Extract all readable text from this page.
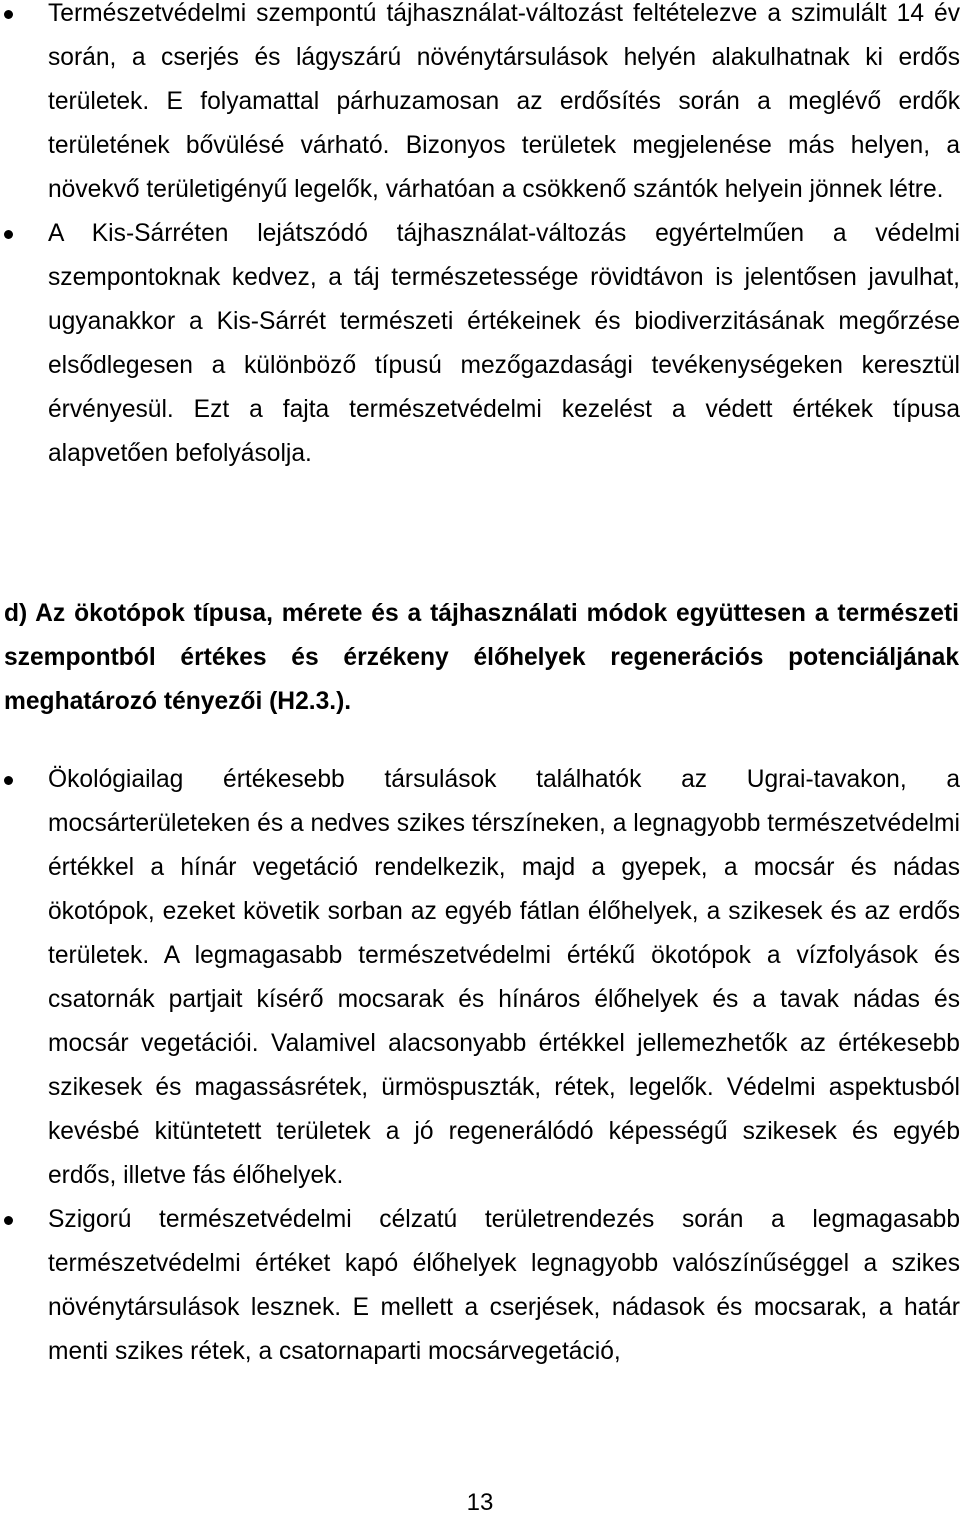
Természetvédelmi szempontú tájhasználat-változást feltételezve a szimulált 14 év során, a cserjés és lágyszárú növénytársulások helyén alakulhatnak ki erdős területek. E folyamattal párhuzamosan az erdősítés során a meglévő erdők területének bővülésé várható. Bizonyos területek megjelenése más helyen, a növekvő területigényű legelők, várhatóan a csökkenő szántók helyein jönnek létre.
A Kis-Sárréten lejátszódó tájhasználat-változás egyértelműen a védelmi szempontoknak kedvez, a táj természetessége rövidtávon is jelentősen javulhat, ugyanakkor a Kis-Sárrét természeti értékeinek és biodiverzitásának megőrzése elsődlegesen a különböző típusú mezőgazdasági tevékenységeken keresztül érvényesül. Ezt a fajta természetvédelmi kezelést a védett értékek típusa alapvetően befolyásolja.

d) Az ökotópok típusa, mérete és a tájhasználati módok együttesen a természeti szempontból értékes és érzékeny élőhelyek regenerációs potenciáljának meghatározó tényezői (H2.3.).

Ökológiailag értékesebb társulások találhatók az Ugrai-tavakon, a mocsárterületeken és a nedves szikes térszíneken, a legnagyobb természetvédelmi értékkel a hínár vegetáció rendelkezik, majd a gyepek, a mocsár és nádas ökotópok, ezeket követik sorban az egyéb fátlan élőhelyek, a szikesek és az erdős területek. A legmagasabb természetvédelmi értékű ökotópok a vízfolyások és csatornák partjait kísérő mocsarak és hínáros élőhelyek és a tavak nádas és mocsár vegetációi. Valamivel alacsonyabb értékkel jellemezhetők az értékesebb szikesek és magassásrétek, ürmöspuszták, rétek, legelők. Védelmi aspektusból kevésbé kitüntetett területek a jó regenerálódó képességű szikesek és egyéb erdős, illetve fás élőhelyek.
Szigorú természetvédelmi célzatú területrendezés során a legmagasabb természetvédelmi értéket kapó élőhelyek legnagyobb valószínűséggel a szikes növénytársulások lesznek. E mellett a cserjések, nádasok és mocsarak, a határ menti szikes rétek, a csatornaparti mocsárvegetáció,
13
